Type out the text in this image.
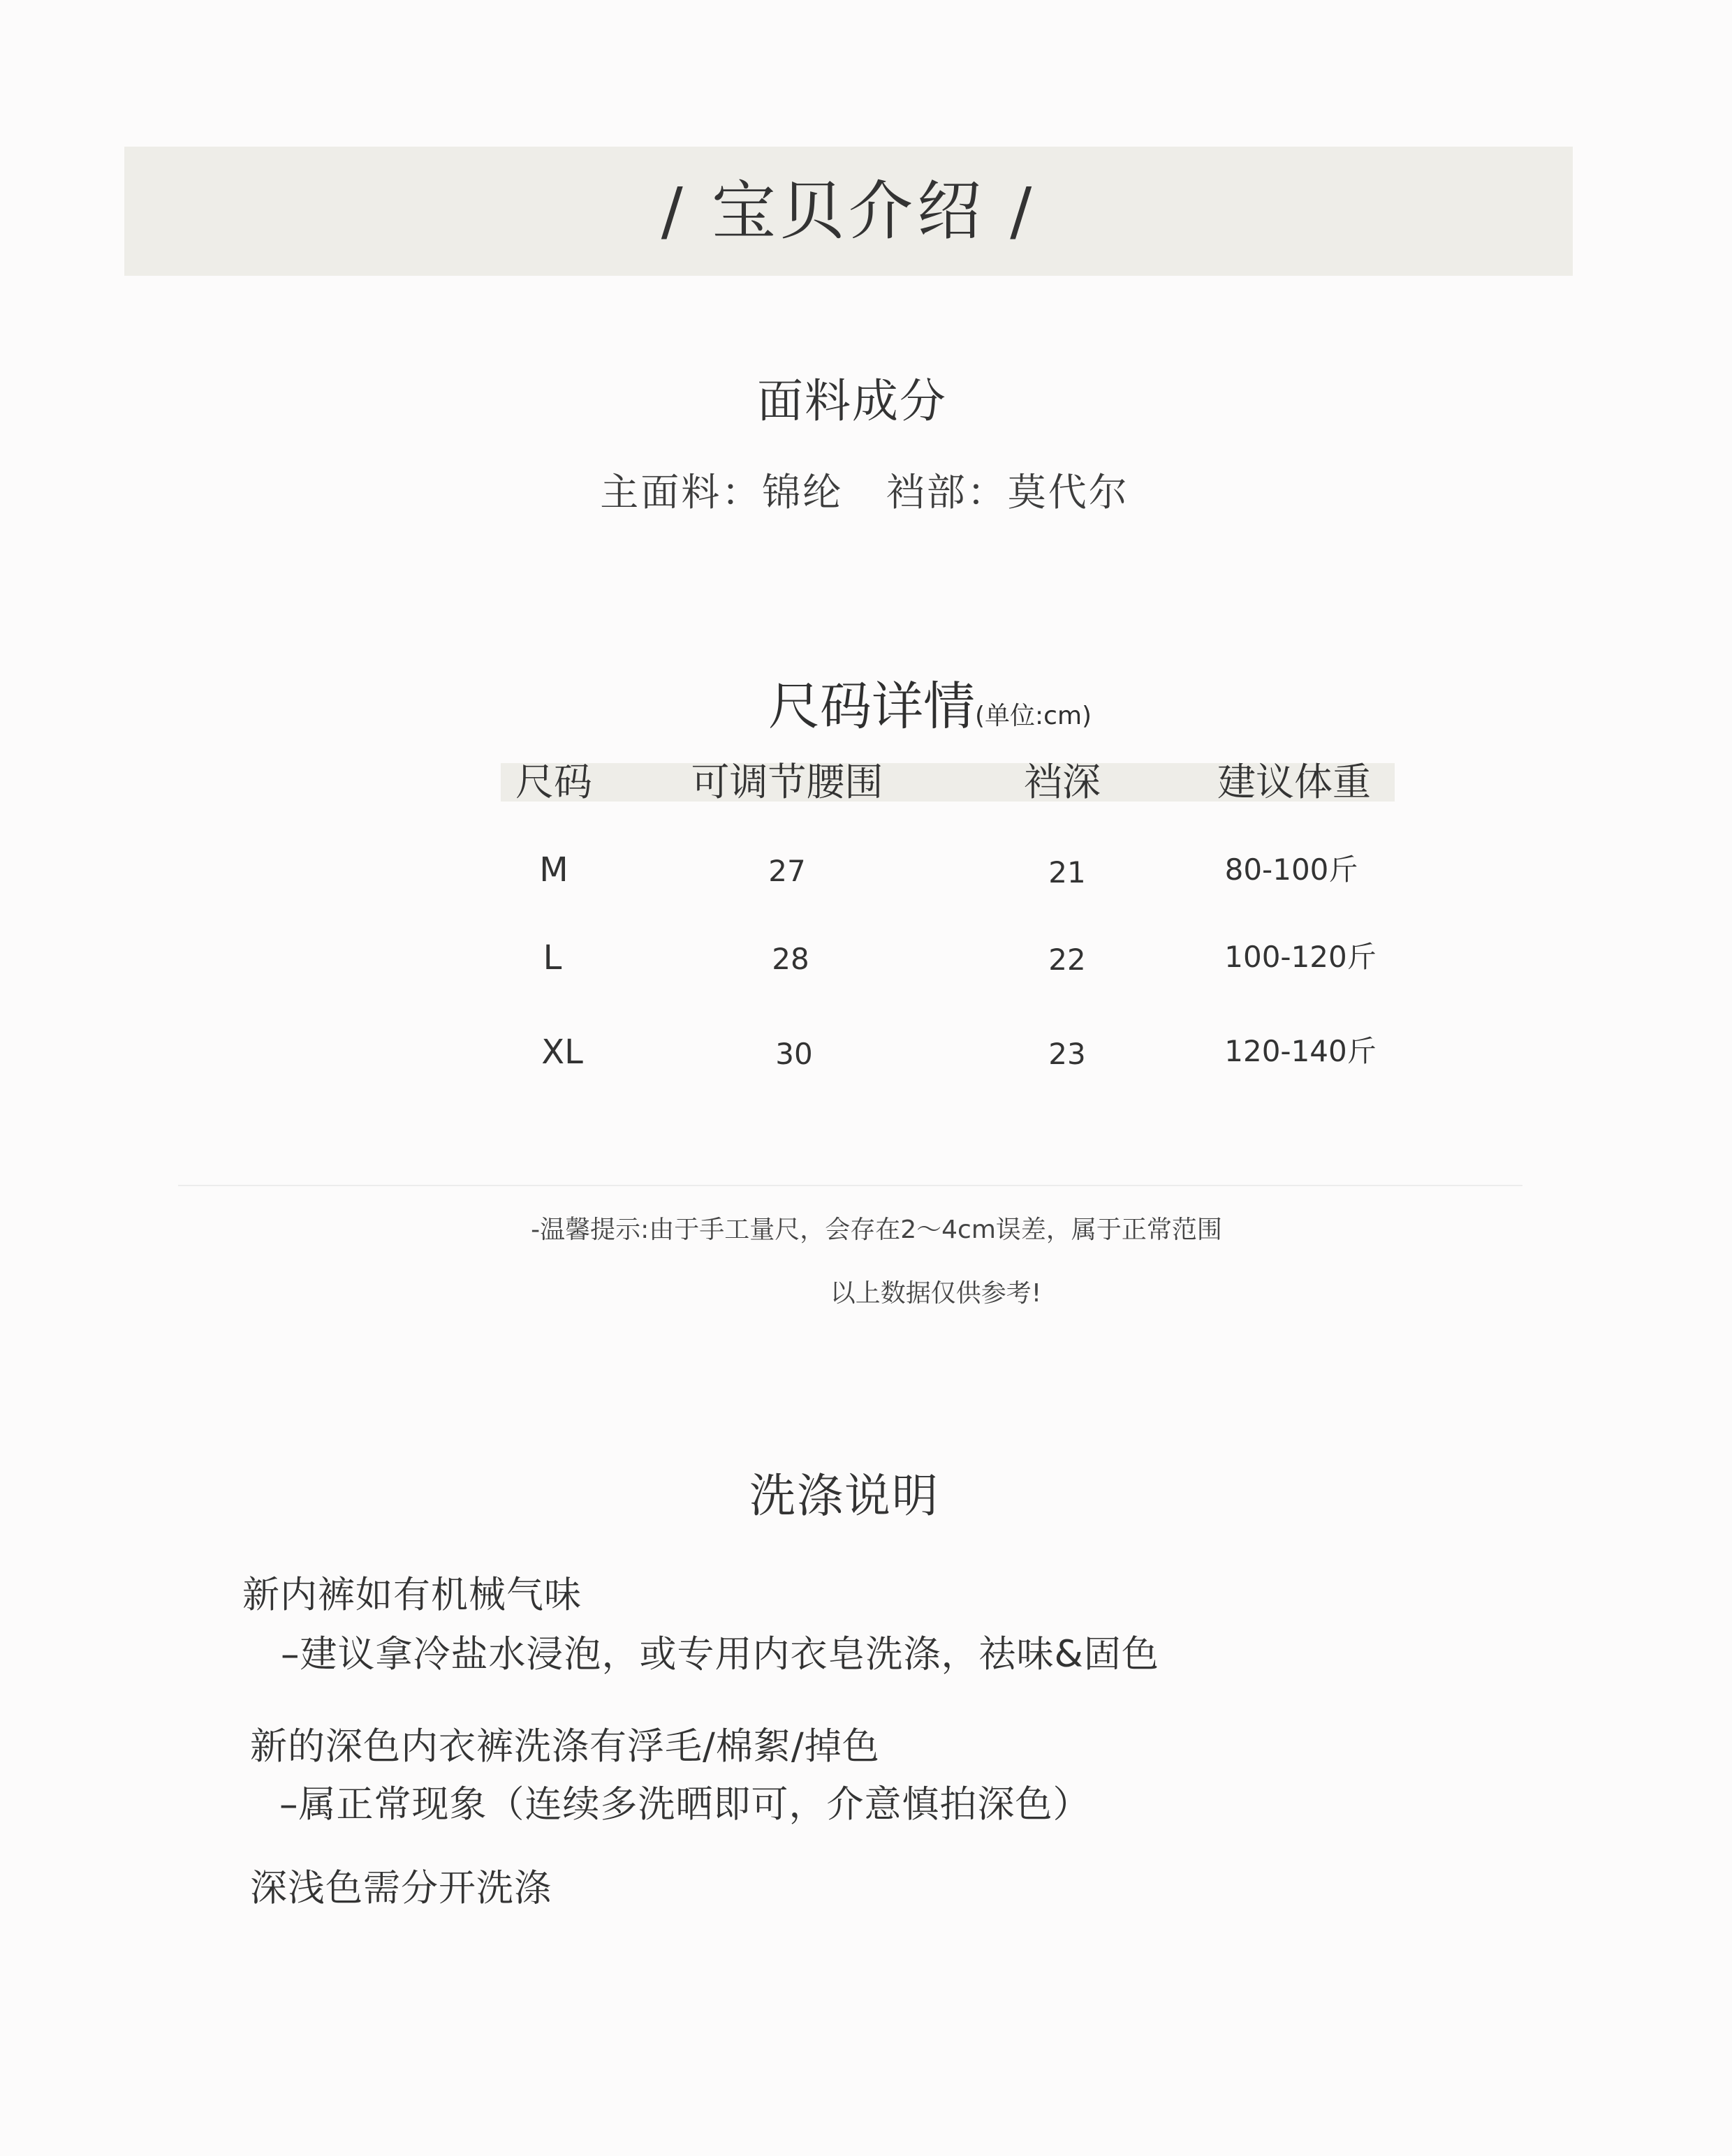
/ 宝贝介绍 /
面料成分
主面料：锦纶   裆部：莫代尔
尺码详情(单位:cm)
尺码	可调节腰围	裆深	建议体重
M	27	21	80-100斤
L	28	22	100-120斤
XL	30	23	120-140斤
-温馨提示:由于手工量尺，会存在2～4cm误差，属于正常范围
以上数据仅供参考!
洗涤说明
新内裤如有机械气味
–建议拿冷盐水浸泡，或专用内衣皂洗涤，祛味&固色
新的深色内衣裤洗涤有浮毛/棉絮/掉色
–属正常现象（连续多洗晒即可，介意慎拍深色）
深浅色需分开洗涤
